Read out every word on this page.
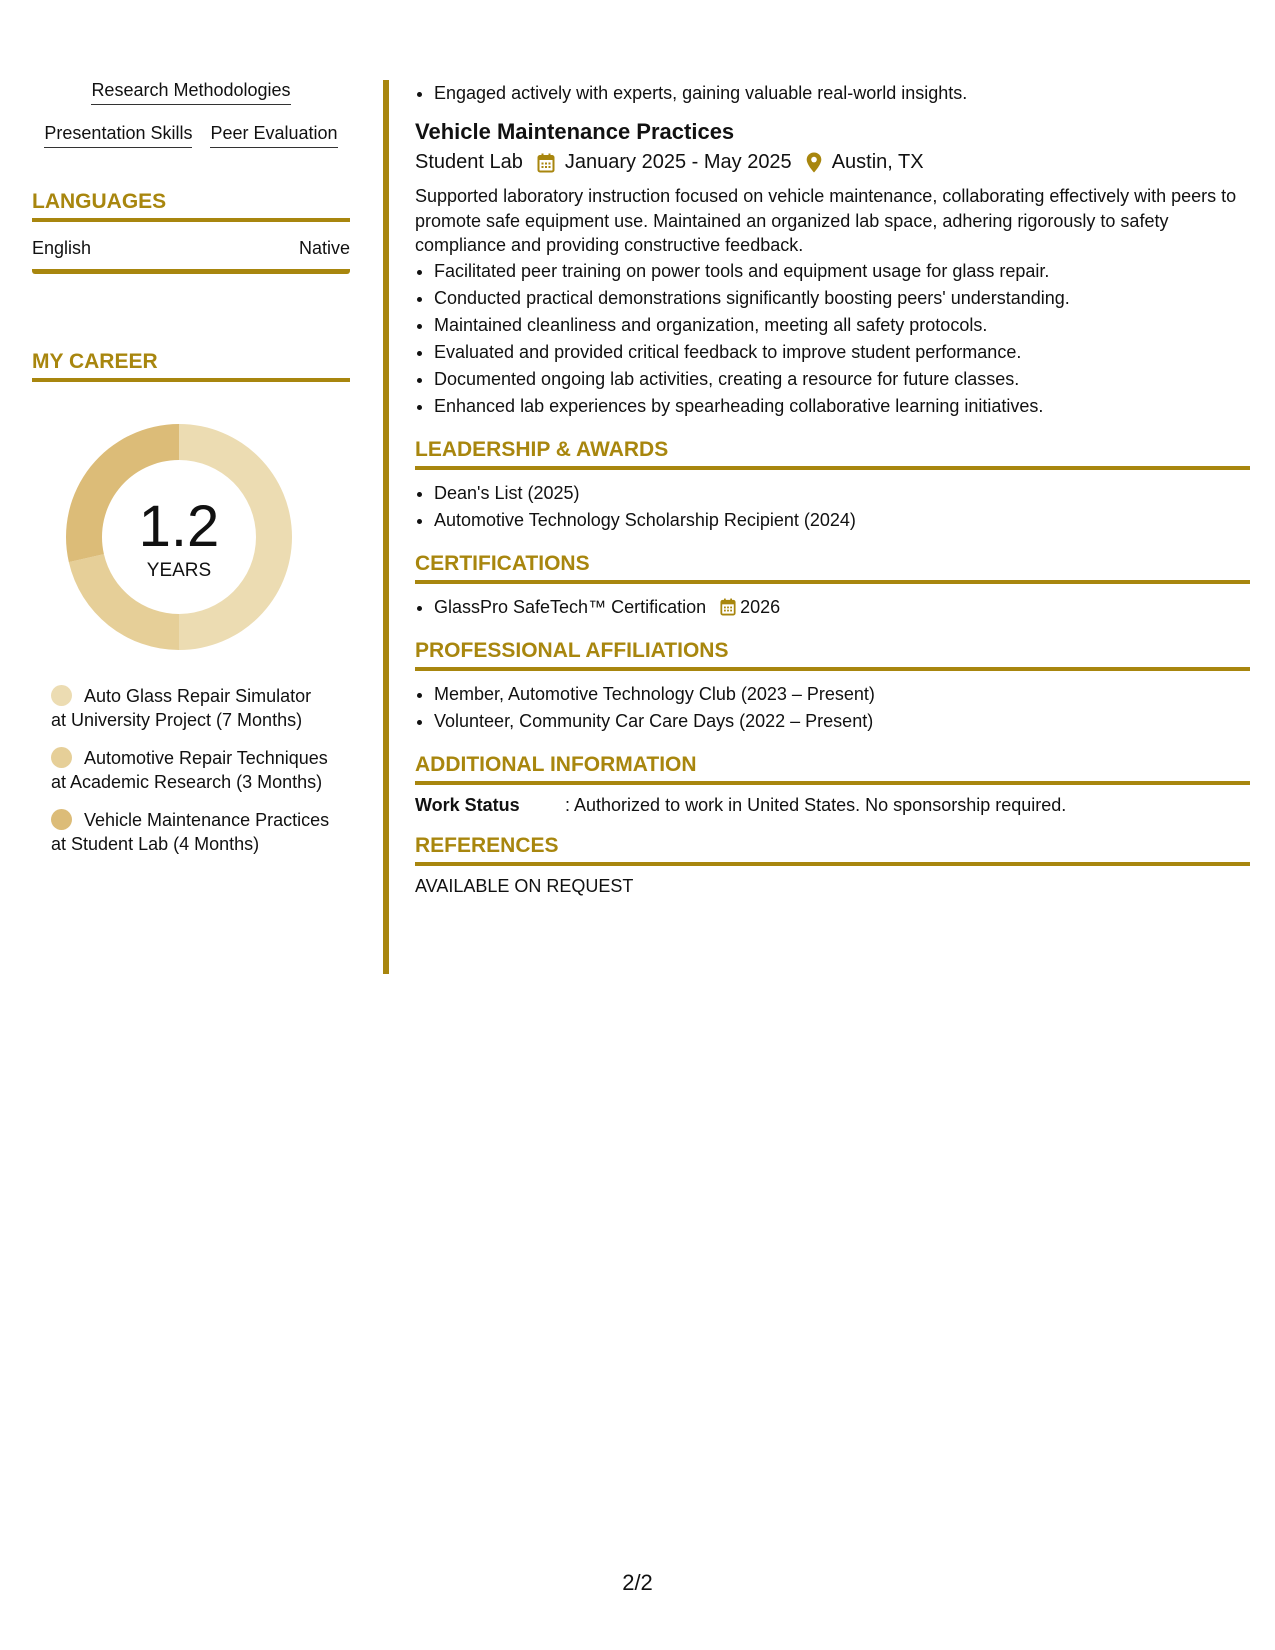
Research Methodologies
Presentation Skills Peer Evaluation
LANGUAGES
English	Native
MY CAREER
1.2
YEARS
Auto Glass Repair Simulator at University Project (7 Months)
Automotive Repair Techniques at Academic Research (3 Months)
Vehicle Maintenance Practices at Student Lab (4 Months)
• Engaged actively with experts, gaining valuable real-world insights.
Vehicle Maintenance Practices
Student Lab January 2025 - May 2025 Austin, TX
Supported laboratory instruction focused on vehicle maintenance, collaborating effectively with peers to promote safe equipment use. Maintained an organized lab space, adhering rigorously to safety compliance and providing constructive feedback.
• Facilitated peer training on power tools and equipment usage for glass repair.
• Conducted practical demonstrations significantly boosting peers' understanding.
• Maintained cleanliness and organization, meeting all safety protocols.
• Evaluated and provided critical feedback to improve student performance.
• Documented ongoing lab activities, creating a resource for future classes.
• Enhanced lab experiences by spearheading collaborative learning initiatives.
LEADERSHIP & AWARDS
• Dean's List (2025)
• Automotive Technology Scholarship Recipient (2024)
CERTIFICATIONS
• GlassPro SafeTech™ Certification 2026
PROFESSIONAL AFFILIATIONS
• Member, Automotive Technology Club (2023 – Present)
• Volunteer, Community Car Care Days (2022 – Present)
ADDITIONAL INFORMATION
Work Status	: Authorized to work in United States. No sponsorship required.
REFERENCES
AVAILABLE ON REQUEST
2/2
